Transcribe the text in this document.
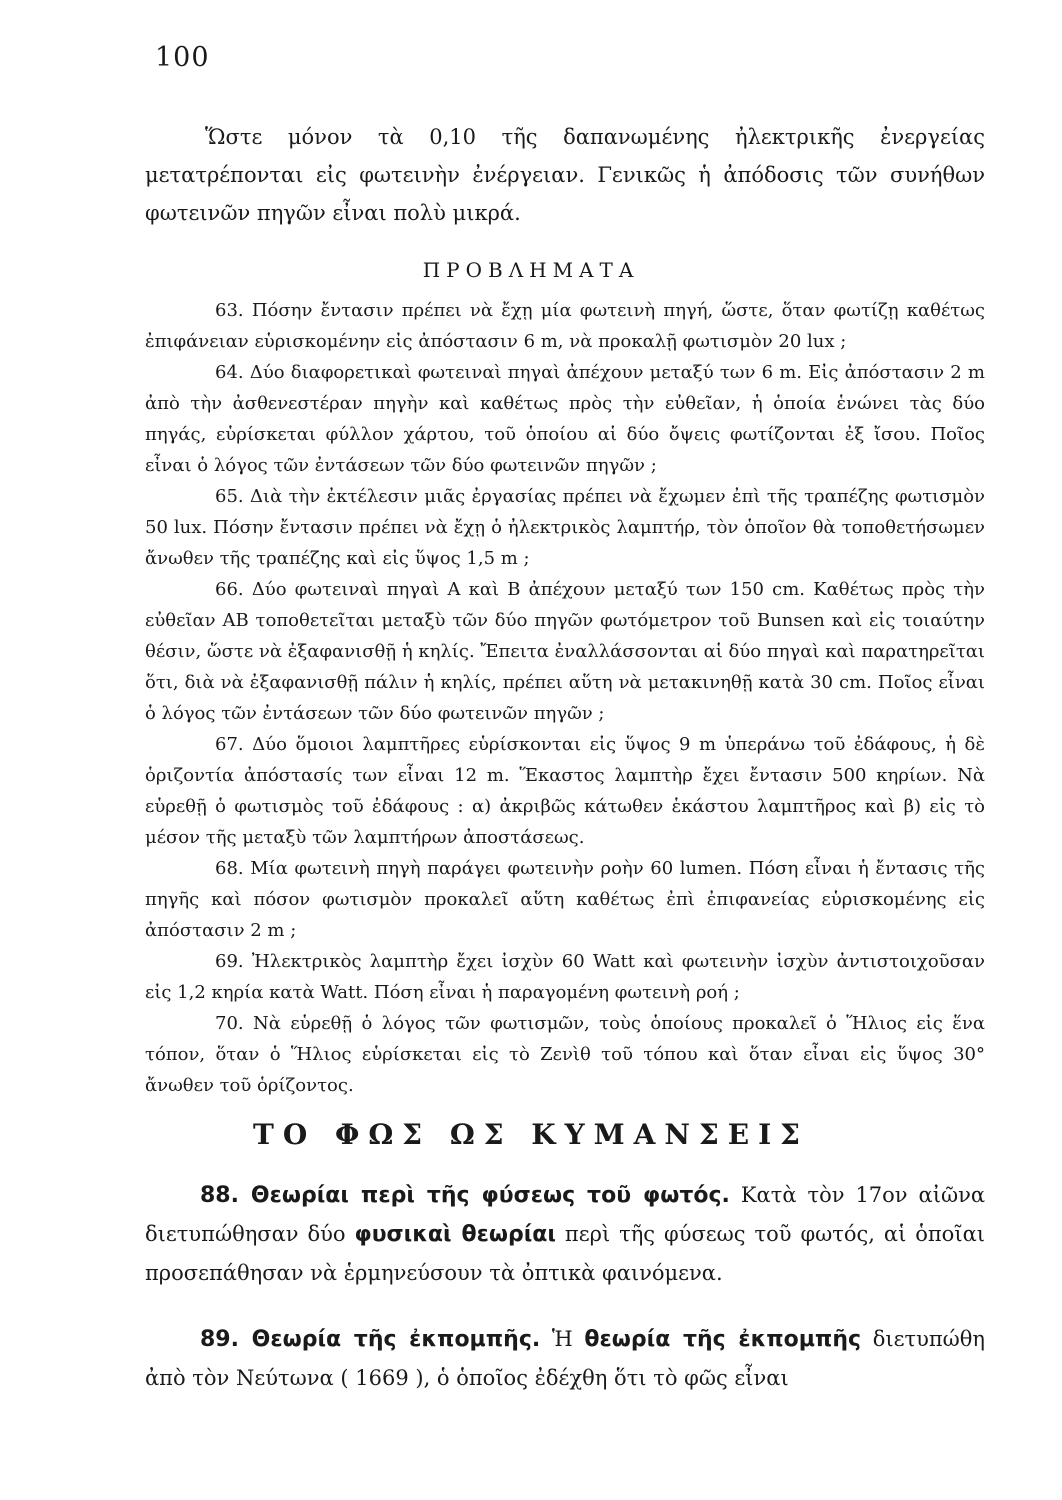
100

Ὥστε μόνον τὰ 0,10 τῆς δαπανωμένης ἠλεκτρικῆς ἐνεργείας μετατρέπονται εἰς φωτεινὴν ἐνέργειαν. Γενικῶς ἡ ἀπόδοσις τῶν συνήθων φωτεινῶν πηγῶν εἶναι πολὺ μικρά.

ΠΡΟΒΛΗΜΑΤΑ

63. Πόσην ἔντασιν πρέπει νὰ ἔχῃ μία φωτεινὴ πηγή, ὥστε, ὅταν φωτίζῃ καθέτως ἐπιφάνειαν εὑρισκομένην εἰς ἀπόστασιν 6 m, νὰ προκαλῇ φωτισμὸν 20 lux ;

64. Δύο διαφορετικαὶ φωτειναὶ πηγαὶ ἀπέχουν μεταξύ των 6 m. Εἰς ἀπόστασιν 2 m ἀπὸ τὴν ἀσθενεστέραν πηγὴν καὶ καθέτως πρὸς τὴν εὐθεῖαν, ἡ ὁποία ἑνώνει τὰς δύο πηγάς, εὑρίσκεται φύλλον χάρτου, τοῦ ὁποίου αἱ δύο ὄψεις φωτίζονται ἐξ ἴσου. Ποῖος εἶναι ὁ λόγος τῶν ἐντάσεων τῶν δύο φωτεινῶν πηγῶν ;

65. Διὰ τὴν ἐκτέλεσιν μιᾶς ἐργασίας πρέπει νὰ ἔχωμεν ἐπὶ τῆς τραπέζης φωτισμὸν 50 lux. Πόσην ἔντασιν πρέπει νὰ ἔχῃ ὁ ἠλεκτρικὸς λαμπτήρ, τὸν ὁποῖον θὰ τοποθετήσωμεν ἄνωθεν τῆς τραπέζης καὶ εἰς ὕψος 1,5 m ;

66. Δύο φωτειναὶ πηγαὶ Α καὶ Β ἀπέχουν μεταξύ των 150 cm. Καθέτως πρὸς τὴν εὐθεῖαν ΑΒ τοποθετεῖται μεταξὺ τῶν δύο πηγῶν φωτόμετρον τοῦ Bunsen καὶ εἰς τοιαύτην θέσιν, ὥστε νὰ ἐξαφανισθῇ ἡ κηλίς. Ἔπειτα ἐναλλάσσονται αἱ δύο πηγαὶ καὶ παρατηρεῖται ὅτι, διὰ νὰ ἐξαφανισθῇ πάλιν ἡ κηλίς, πρέπει αὕτη νὰ μετακινηθῇ κατὰ 30 cm. Ποῖος εἶναι ὁ λόγος τῶν ἐντάσεων τῶν δύο φωτεινῶν πηγῶν ;

67. Δύο ὅμοιοι λαμπτῆρες εὑρίσκονται εἰς ὕψος 9 m ὑπεράνω τοῦ ἐδάφους, ἡ δὲ ὁριζοντία ἀπόστασίς των εἶναι 12 m. Ἕκαστος λαμπτὴρ ἔχει ἔντασιν 500 κηρίων. Νὰ εὑρεθῇ ὁ φωτισμὸς τοῦ ἐδάφους : α) ἀκριβῶς κάτωθεν ἑκάστου λαμπτῆρος καὶ β) εἰς τὸ μέσον τῆς μεταξὺ τῶν λαμπτήρων ἀποστάσεως.

68. Μία φωτεινὴ πηγὴ παράγει φωτεινὴν ροὴν 60 lumen. Πόση εἶναι ἡ ἔντασις τῆς πηγῆς καὶ πόσον φωτισμὸν προκαλεῖ αὕτη καθέτως ἐπὶ ἐπιφανείας εὑρισκομένης εἰς ἀπόστασιν 2 m ;

69. Ἠλεκτρικὸς λαμπτὴρ ἔχει ἰσχὺν 60 Watt καὶ φωτεινὴν ἰσχὺν ἀντιστοιχοῦσαν εἰς 1,2 κηρία κατὰ Watt. Πόση εἶναι ἡ παραγομένη φωτεινὴ ροή ;

70. Νὰ εὑρεθῇ ὁ λόγος τῶν φωτισμῶν, τοὺς ὁποίους προκαλεῖ ὁ Ἥλιος εἰς ἕνα τόπον, ὅταν ὁ Ἥλιος εὑρίσκεται εἰς τὸ Ζενὶθ τοῦ τόπου καὶ ὅταν εἶναι εἰς ὕψος 30° ἄνωθεν τοῦ ὁρίζοντος.

ΤΟ ΦΩΣ ΩΣ ΚΥΜΑΝΣΕΙΣ

88. Θεωρίαι περὶ τῆς φύσεως τοῦ φωτός. Κατὰ τὸν 17ον αἰῶνα διετυπώθησαν δύο φυσικαὶ θεωρίαι περὶ τῆς φύσεως τοῦ φωτός, αἱ ὁποῖαι προσεπάθησαν νὰ ἑρμηνεύσουν τὰ ὀπτικὰ φαινόμενα.

89. Θεωρία τῆς ἐκπομπῆς. Ἡ θεωρία τῆς ἐκπομπῆς διετυπώθη ἀπὸ τὸν Νεύτωνα ( 1669 ), ὁ ὁποῖος ἐδέχθη ὅτι τὸ φῶς εἶναι
